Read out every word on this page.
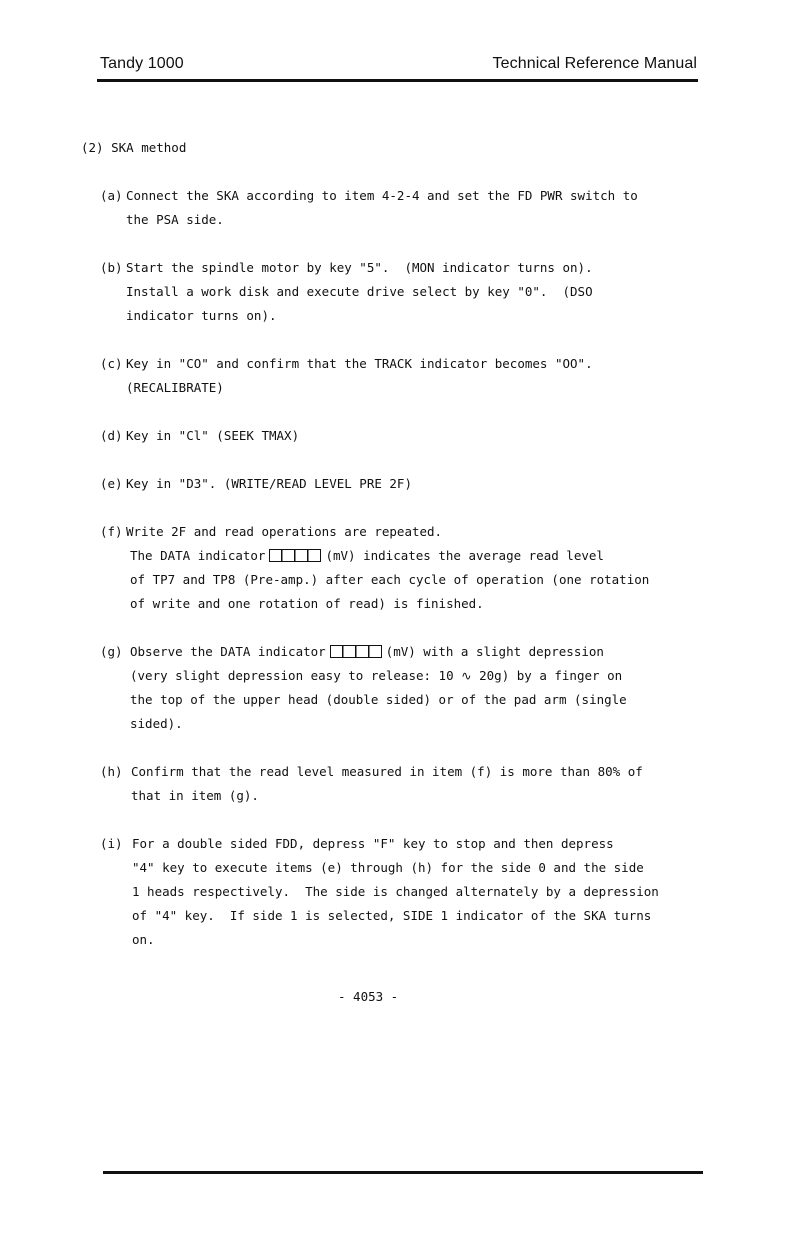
Tandy 1000	Technical Reference Manual
(2) SKA method

(a)

Connect the SKA according to item 4-2-4 and set the FD PWR switch to

the PSA side.

(b)

Start the spindle motor by key "5".  (MON indicator turns on).

Install a work disk and execute drive select by key "0".  (DSO

indicator turns on).

(c)

Key in "CO" and confirm that the TRACK indicator becomes "OO".

(RECALIBRATE)

(d)

Key in "Cl" (SEEK TMAX)

(e)

Key in "D3". (WRITE/READ LEVEL PRE 2F)

(f)

Write 2F and read operations are repeated.

The DATA indicator	(mV) indicates the average read level

of TP7 and TP8 (Pre-amp.) after each cycle of operation (one rotation

of write and one rotation of read) is finished.

(g)

Observe the DATA indicator	(mV) with a slight depression

(very slight depression easy to release: 10 ∿ 20g) by a finger on

the top of the upper head (double sided) or of the pad arm (single

sided).

(h)

Confirm that the read level measured in item (f) is more than 80% of

that in item (g).

(i)

For a double sided FDD, depress "F" key to stop and then depress

"4" key to execute items (e) through (h) for the side 0 and the side

1 heads respectively.  The side is changed alternately by a depression

of "4" key.  If side 1 is selected, SIDE 1 indicator of the SKA turns

on.

- 4053 -
